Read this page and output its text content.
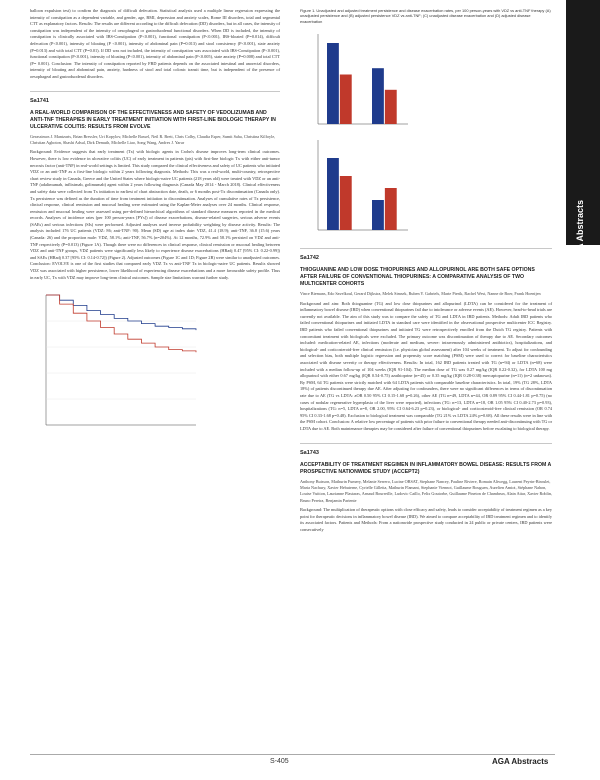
balloon expulsion test) to confirm the diagnosis of difficult defecation. Statistical analysis used a multiple linear regression expressing the intensity of constipation as a dependent variable, and gender, age, BMI, depression and anxiety scales, Rome III disorders, total and segmental CTT as explanatory factors. Results: The results are different according to the difficult defecation (DD) disorders, but in all cases, the intensity of constipation was independent of the intensity of oesophageal or gastroduodenal functional disorders. When DD is included, the intensity of constipation is clinically associated with IBS-Constipation (P<0.001), functional constipation (P<0.001), IBS-bloated (P=0.014), difficult defecation (P<0.001), intensity of bloating (P <0.001), intensity of abdominal pain (P=0.013) and stool consistency (P<0.001), state anxiety (P=0.013) and with total CTT (P=0.01). If DD was not included, the intensity of constipation was associated with IBS-Constipation (P<0.001), functional constipation (P<0.001), intensity of bloating (P<0.001), intensity of abdominal pain (P<0.005), state anxiety (P=0.008) and total CTT (P= 0.001). Conclusion: The intensity of constipation reported by FBD patients depends on the associated intestinal and anorectal disorders, intensity of bloating and abdominal pain, anxiety, hardness of stool and total colonic transit time, but is independent of the presence of oesophageal and gastroduodenal disorders.

Sa1741
A REAL-WORLD COMPARISON OF THE EFFECTIVENESS AND SAFETY OF VEDOLIZUMAB AND ANTI-TNF THERAPIES IN EARLY TREATMENT INITIATION WITH FIRST-LINE BIOLOGIC THERAPY IN ULCERATIVE COLITIS: RESULTS FROM EVOLVE
Gerassimos J. Mantzaris, Brian Bressler, Uri Kopylov, Michelle Bassel, Neil R. Brett, Chris Colby, Claudia Esper, Sumit Saha, Christina Kilfoyle, Christian Agboton, Shashi Adsul, Dirk Demuth, Michelle Liao, Song Wang, Andres J. Yarur

Background: Evidence suggests that early treatment (Tx) with biologic agents in Crohn's disease improves long-term clinical outcomes. However, there is low evidence in ulcerative colitis (UC) of early treatment in patients (pts) with first-line biologic Tx with either anti-tumor necrosis factor (anti-TNF) in real-world settings is limited. This study compared the clinical effectiveness and safety of UC patients who initiated VDZ or an anti-TNF as a first-line biologic within 2 years following diagnosis. Methods: This was a real-world, multi-country, retrospective chart review study in Canada, Greece and the United States where biologic-naive UC patients (218 years old) were treated with VDZ or an anti-TNF (adalimumab, infliximab, golimumab) agent within 2 years following diagnosis (Canada May 2014 - March 2018). Clinical effectiveness and safety data were collected from Tx initiation to earliest of chart abstraction date, death, or 6 months post-Tx discontinuation (Canada only). Tx persistence was defined as the duration of time from treatment initiation to discontinuation. Analyses of cumulative rates of Tx persistence, clinical response, clinical remission and mucosal healing were estimated using the Kaplan-Meier analyses over 24 months. Clinical response, remission and mucosal healing were assessed using pre-defined hierarchical algorithms of standard disease measures reported in the medical records. Analyses of incidence rates (per 100 person-years [PYs]) of disease exacerbations, disease-related surgeries, serious adverse events (SAEs) and serious infections (SIs) were performed. Adjusted analyses used inverse probability weighting by disease activity. Results: The analysis included 176 UC patients (VDZ: 86; anti-TNF: 90). Mean (SD) age at index date: VDZ, 41.4 (18.9); anti-TNF, 36.8 (15.6) years (Canada: 26) and the proportion male: VDZ, 58.1%; anti-TNF, 56.7% (n=204%). At 12 months, 72.9% and 58.1% persisted on VDZ and anti-TNF respectively (P=0.013) (Figure 1A). Though there were no differences in clinical response, clinical remission or mucosal healing between VDZ and anti-TNF groups, VDZ patients were significantly less likely to experience disease exacerbations (HRadj 0.47 [95% CI: 0.22-0.99]) and SAEs (HRadj 0.37 [95% CI: 0.14-0.72]) (Figure 2). Adjusted outcomes (Figure 1C and 1D; Figure 2B) were similar to unadjusted outcomes. Conclusion: EVOLVE is one of the first studies that compared early VDZ Tx vs anti-TNF Tx in biologic-naive UC patients. Results showed VDZ was associated with higher persistence, lower likelihood of experiencing disease exacerbations and a more favourable safety profile. Thus in early UC, Tx with VDZ may improve long-term clinical outcomes. Sample size limitations warrant further study.

Figure 1. Unadjusted and adjusted treatment persistence and disease exacerbation rates, per 100 person-years with VDZ vs anti-TNF therapy (A) unadjusted persistence and (B) adjusted persistence VDZ vs anti-TNF; (C) unadjusted disease exacerbation and (D) adjusted disease exacerbation
Sa1742
THIOGUANINE AND LOW DOSE THIOPURINES AND ALLOPURINOL ARE BOTH SAFE OPTIONS AFTER FAILURE OF CONVENTIONAL THIOPURINES: A COMPARATIVE ANALYSIS OF TWO MULTICENTER COHORTS
Vince Biemans, Edo Savelkoul, Gerard Dijkstra, Melek Simsek, Ruben Y. Gabriels, Marie Pierik, Rachel West, Nanne de Boer, Frank Hoentjen

Background and aim: Both thioguanine (TG) and low dose thiopurines and allopurinol (LDTA) can be considered for the treatment of inflammatory bowel disease (IBD) when conventional thiopurines fail due to intolerance or adverse events (AE). However, head-to-head trials are currently not available. The aim of this study was to compare the safety of TG and LDTA in IBD patients. Methods: Adult IBD patients who failed conventional thiopurines and initiated LDTA in standard care were identified in the observational prospective multicenter ICC Registry. IBD patients who failed conventional thiopurines and initiated TG were retrospectively enrolled from the Dutch TG registry. Patients with concomitant treatment with biologicals were excluded. The primary outcome was discontinuation of therapy due to AE. Secondary outcomes included: medication-related AE, infections (moderate and medium, severe: intravenously administered antibiotics), hospitalizations, and biological- and corticosteroid-free clinical remission (i.e. physician global assessment) after 104 weeks of treatment. To adjust for confounding and selection bias, both multiple logistic regression and propensity score matching (PSM) were used to correct for baseline characteristics associated with disease severity or therapy effectiveness. Results: In total, 162 IBD patients treated with TG (n=94) or LDTA (n=68) were included with a median follow-up of 104 weeks (IQR 91-104). The median dose of TG was 0.27 mg/kg (IQR 0.22-0.32), for LDTA 100 mg allopurinol with either 0.67 mg/kg (IQR 0.54-0.75) azathioprine (n=45) or 0.35 mg/kg (IQR 0.28-0.38) mercaptopurine (n=11) (n=2 unknown). By PSM, 64 TG patients were strictly matched with 64 LDTA patients with comparable baseline characteristics. In total, 19% (TG 28%, LDTA 18%) of patients discontinued therapy due AE. After adjusting for confounders, there were no significant differences in terms of discontinuation rate due to AE (TG vs LDTA: aOR 0.50 95% CI 0.15-1.68 p=0.26), other AE (TG n=49, LDTA n=44, OR 0.89 95% CI 0.44-1.81 p=0.75) (no cases of nodular regenerative hyperplasia of the liver were reported), infections (TG: n=13, LDTA n=18, OR 1.05 95% CI 0.40-2.73 p=0.93), hospitalizations (TG: n=5, LDTA n=8, OR 2.00, 95% CI 0.64-6.23 p=0.23), or biological- and corticosteroid-free clinical remission (OR 0.74 95% CI 0.33-1.68 p=0.48). Exclusion to biological treatment was comparable (TG 21% vs LDTA 24% p=0.68). All these results were in line with the PSM cohort. Conclusion: A relative low percentage of patients with prior failure to conventional therapy needed anti-discontinuing with TG or LDTA due to AE. Both maintenance therapies may be considered after failure of conventional thiopurines before escalating to biological therapy.

Sa1743
ACCEPTABILITY OF TREATMENT REGIMEN IN INFLAMMATORY BOWEL DISEASE: RESULTS FROM A PROSPECTIVE NATIONWIDE STUDY (ACCEPT2)
Anthony Buisson, Mathurin Fumery, Melanie Serrero, Lucine OBSAT, Stephane Nancey, Pauline Riviere, Romain Altwegg, Laurent Peyrin-Biroulet, Maria Nachury, Xavier Hebuterne, Cyrielle Gilletta, Mathurin Flamant, Stephanie Viennot, Guillaume Bouguen, Aurelien Amiot, Stéphane Nahon, Louise Vuitton, Laurianne Plastaras, Arnaud Bourreille, Ludovic Caillo, Felix Goutorbe, Guillaume Pineton de Chambrun, Alain Attar, Xavier Roblin, Bruno Pereira, Benjamin Pariente

Background: The multiplication of therapeutic options with close efficacy and safety, leads to consider acceptability of treatment regimen as a key point for therapeutic decisions in inflammatory bowel disease (IBD). We aimed to compare acceptability of IBD treatment regimen and to identify its associated factors. Patients and Methods: From a nationwide prospective study conducted in 24 public or private centers, IBD patients were consecutively

AGA Abstracts
S-405	AGA Abstracts
